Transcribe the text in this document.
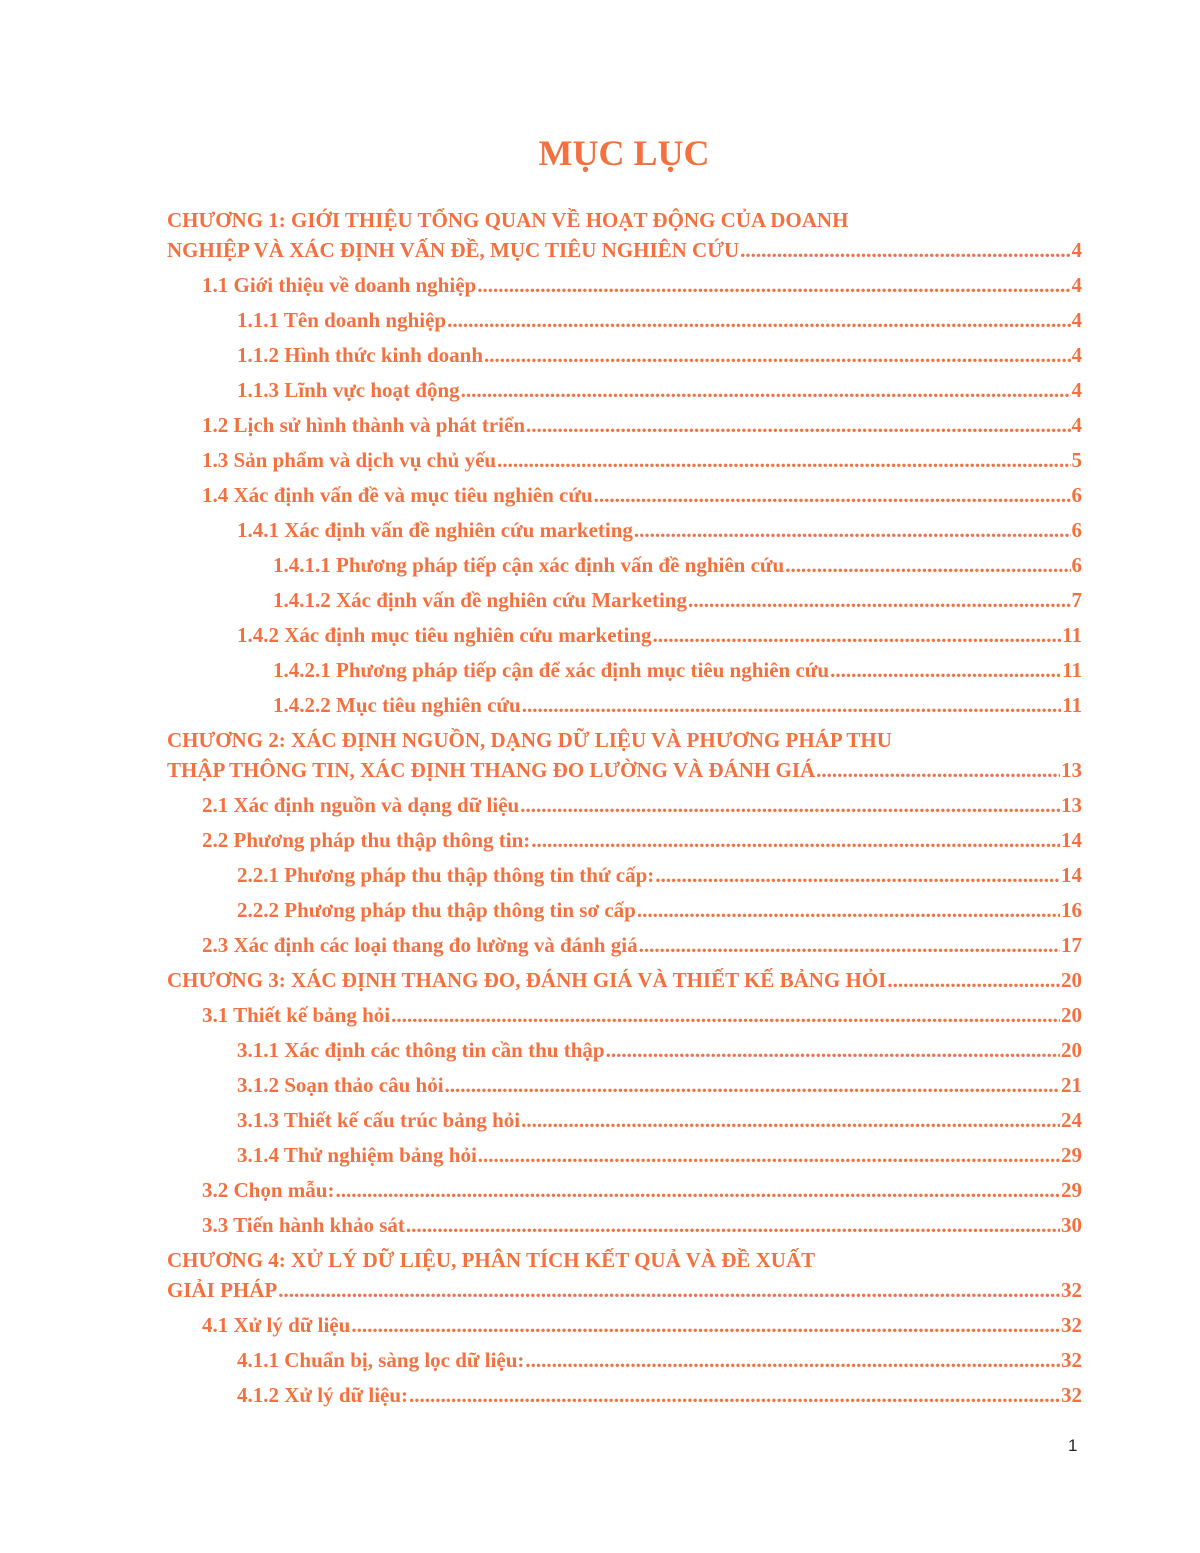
MỤC LỤC
CHƯƠNG 1: GIỚI THIỆU TỔNG QUAN VỀ HOẠT ĐỘNG CỦA DOANH
NGHIỆP VÀ XÁC ĐỊNH VẤN ĐỀ, MỤC TIÊU NGHIÊN CỨU .....	4
1.1 Giới thiệu về doanh nghiệp .....	4
1.1.1 Tên doanh nghiệp .....	4
1.1.2 Hình thức kinh doanh .....	4
1.1.3 Lĩnh vực hoạt động .....	4
1.2 Lịch sử hình thành và phát triển .....	4
1.3 Sản phẩm và dịch vụ chủ yếu .....	5
1.4 Xác định vấn đề và mục tiêu nghiên cứu .....	6
1.4.1 Xác định vấn đề nghiên cứu marketing .....	6
1.4.1.1 Phương pháp tiếp cận xác định vấn đề nghiên cứu .....	6
1.4.1.2 Xác định vấn đề nghiên cứu Marketing .....	7
1.4.2 Xác định mục tiêu nghiên cứu marketing .....	11
1.4.2.1 Phương pháp tiếp cận để xác định mục tiêu nghiên cứu .....	11
1.4.2.2 Mục tiêu nghiên cứu .....	11
CHƯƠNG 2: XÁC ĐỊNH NGUỒN, DẠNG DỮ LIỆU VÀ PHƯƠNG PHÁP THU
THẬP THÔNG TIN, XÁC ĐỊNH THANG ĐO LƯỜNG VÀ ĐÁNH GIÁ .....	13
2.1 Xác định nguồn và dạng dữ liệu .....	13
2.2 Phương pháp thu thập thông tin: .....	14
2.2.1 Phương pháp thu thập thông tin thứ cấp: .....	14
2.2.2 Phương pháp thu thập thông tin sơ cấp .....	16
2.3 Xác định các loại thang đo lường và đánh giá .....	17
CHƯƠNG 3: XÁC ĐỊNH THANG ĐO, ĐÁNH GIÁ VÀ THIẾT KẾ BẢNG HỎI .....	20
3.1 Thiết kế bảng hỏi .....	20
3.1.1 Xác định các thông tin cần thu thập .....	20
3.1.2 Soạn thảo câu hỏi .....	21
3.1.3 Thiết kế cấu trúc bảng hỏi .....	24
3.1.4 Thử nghiệm bảng hỏi .....	29
3.2 Chọn mẫu: .....	29
3.3 Tiến hành khảo sát .....	30
CHƯƠNG 4: XỬ LÝ DỮ LIỆU, PHÂN TÍCH KẾT QUẢ VÀ ĐỀ XUẤT
GIẢI PHÁP .....	32
4.1 Xử lý dữ liệu .....	32
4.1.1 Chuẩn bị, sàng lọc dữ liệu: .....	32
4.1.2 Xử lý dữ liệu: .....	32
1
